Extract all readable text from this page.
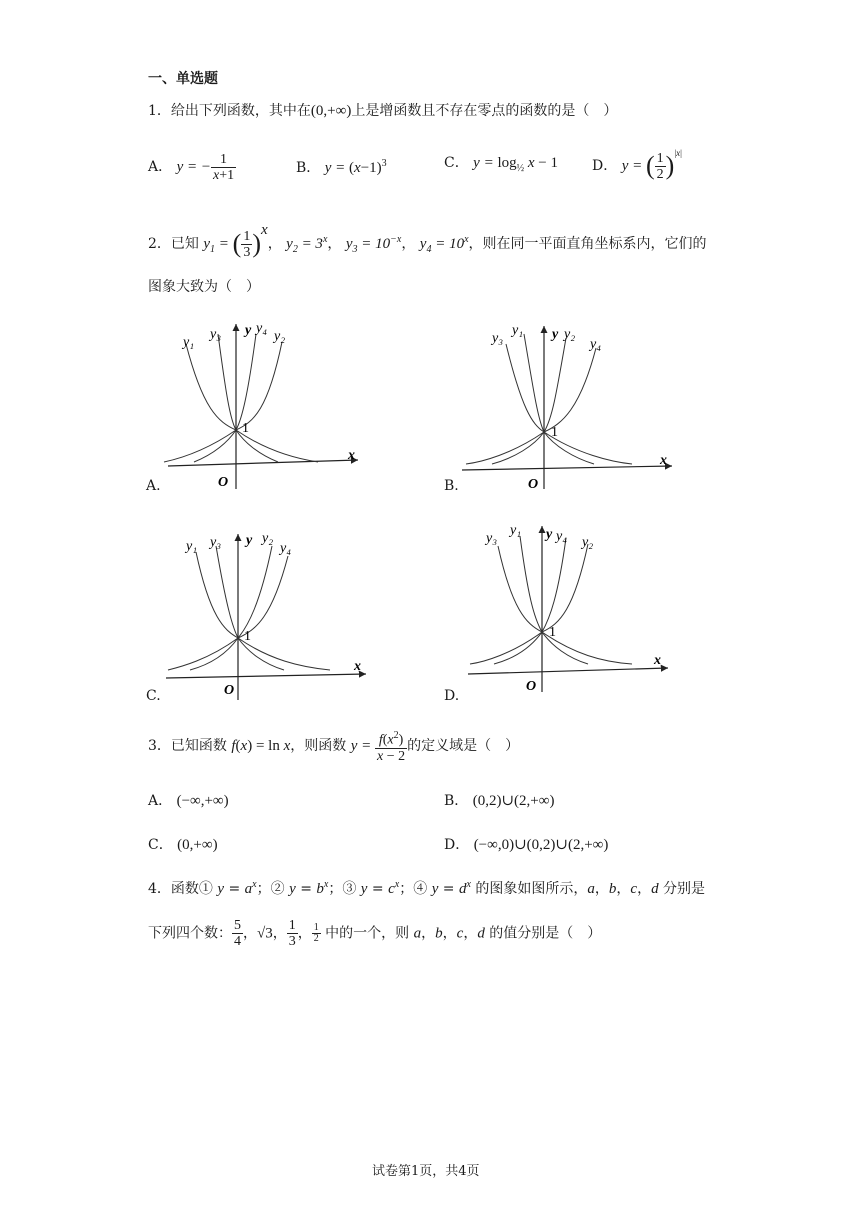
一、单选题
1．给出下列函数，其中在(0,+∞)上是增函数且不存在零点的函数的是（　）
A． y = − $\frac{1}{x+1}$	B． $y = (x-1)^3$	C． $y = \log_{\frac{1}{2}} x - 1$ D． y = ( $\frac{1}{2} )^{|x|}$
2．已知 $y_1$ = ( $\frac{1}{3} )^x$， $y_2 = 3^x$， $y_3 = 10^{-x}$， $y_4 = 10^x$，则在同一平面直角坐标系内，它们的
图象大致为（　）
y₁
y₃ y y₄
y₂
1
x
O
A.
y₃
y₁ y y₂
y₄
1
x
O
B.
y₁ y₃ y y₂
y₄
1
x
O
C.
y₃
y₁ y y₄ y₂
1
x
O
D.
3．已知函数 f(x) = ln x，则函数 $y = \frac{f(x^2)}{x - 2}$ 的定义域是（　）
A． (−∞,+∞)	B． (0,2)∪(2,+∞)
C． (0,+∞)	D． (−∞,0)∪(0,2)∪(2,+∞)
4．函数① $y = a^x$；② $y = b^x$；③ $y = c^x$；④ $y = d^x$ 的图象如图所示，a，b，c，d 分别是
下列四个数： $\frac{5}{4}$ ，√3， $\frac{1}{3}$ ， $\frac{1}{2}$ 中的一个，则 a，b，c，d 的值分别是（　）
试卷第1页，共4页
